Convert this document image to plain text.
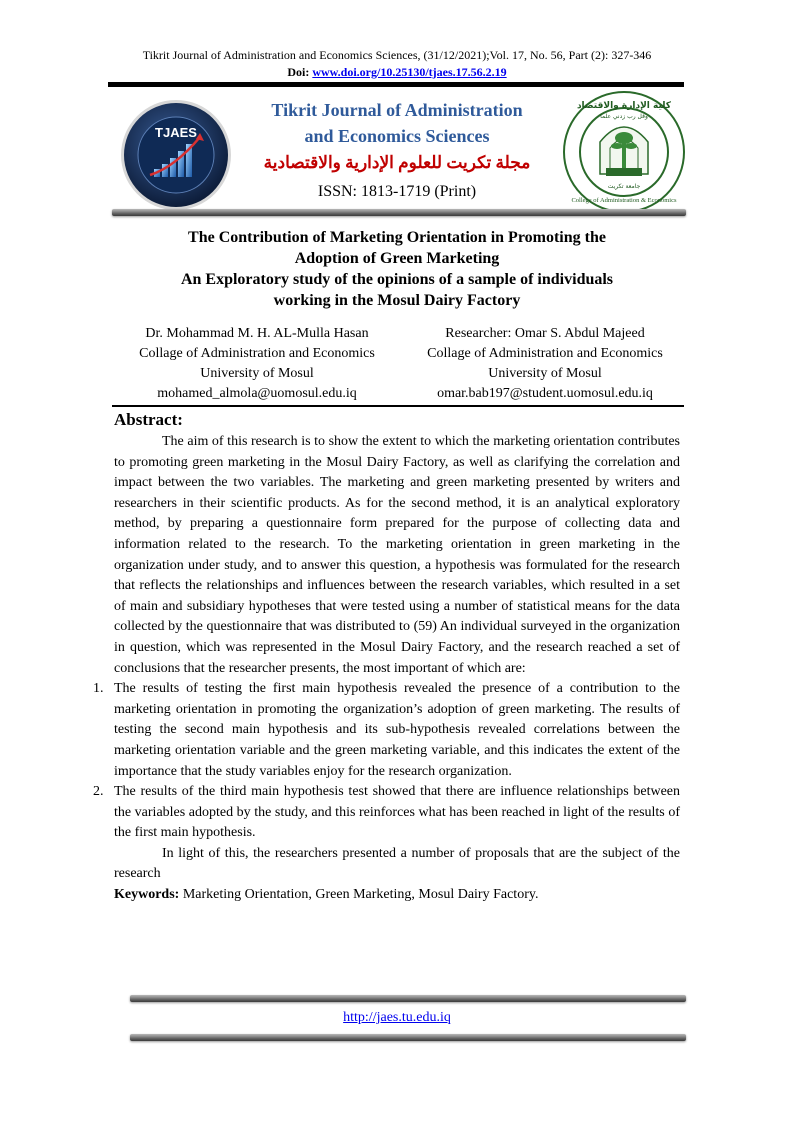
Tikrit Journal of Administration and Economics Sciences, (31/12/2021);Vol. 17, No. 56, Part (2): 327-346
Doi: www.doi.org/10.25130/tjaes.17.56.2.19
TJAES
Tikrit Journal of Administration
and Economics Sciences
مجلة تكريت للعلوم الإدارية والاقتصادية
ISSN: 1813-1719 (Print)
كلية الإدارة والاقتصاد
وقل رب زدني علما
جامعة تكريت
College of Administration & Economics
The Contribution of Marketing Orientation in Promoting the
Adoption of Green Marketing
An Exploratory study of the opinions of a sample of individuals
working in the Mosul Dairy Factory
Dr. Mohammad M. H. AL-Mulla Hasan
Collage of Administration and Economics
University of Mosul
mohamed_almola@uomosul.edu.iq
Researcher: Omar S. Abdul Majeed
Collage of Administration and Economics
University of Mosul
omar.bab197@student.uomosul.edu.iq
Abstract:

The aim of this research is to show the extent to which the marketing orientation contributes to promoting green marketing in the Mosul Dairy Factory, as well as clarifying the correlation and impact between the two variables. The marketing and green marketing presented by writers and researchers in their scientific products. As for the second method, it is an analytical exploratory method, by preparing a questionnaire form prepared for the purpose of collecting data and information related to the research. To the marketing orientation in green marketing in the organization under study, and to answer this question, a hypothesis was formulated for the research that reflects the relationships and influences between the research variables, which resulted in a set of main and subsidiary hypotheses that were tested using a number of statistical means for the data collected by the questionnaire that was distributed to (59) An individual surveyed in the organization in question, which was represented in the Mosul Dairy Factory, and the research reached a set of conclusions that the researcher presents, the most important of which are:

1. The results of testing the first main hypothesis revealed the presence of a contribution to the marketing orientation in promoting the organization’s adoption of green marketing. The results of testing the second main hypothesis and its sub-hypothesis revealed correlations between the marketing orientation variable and the green marketing variable, and this indicates the extent of the importance that the study variables enjoy for the research organization.
2. The results of the third main hypothesis test showed that there are influence relationships between the variables adopted by the study, and this reinforces what has been reached in light of the results of the first main hypothesis.

In light of this, the researchers presented a number of proposals that are the subject of the research

Keywords: Marketing Orientation, Green Marketing, Mosul Dairy Factory.

http://jaes.tu.edu.iq
